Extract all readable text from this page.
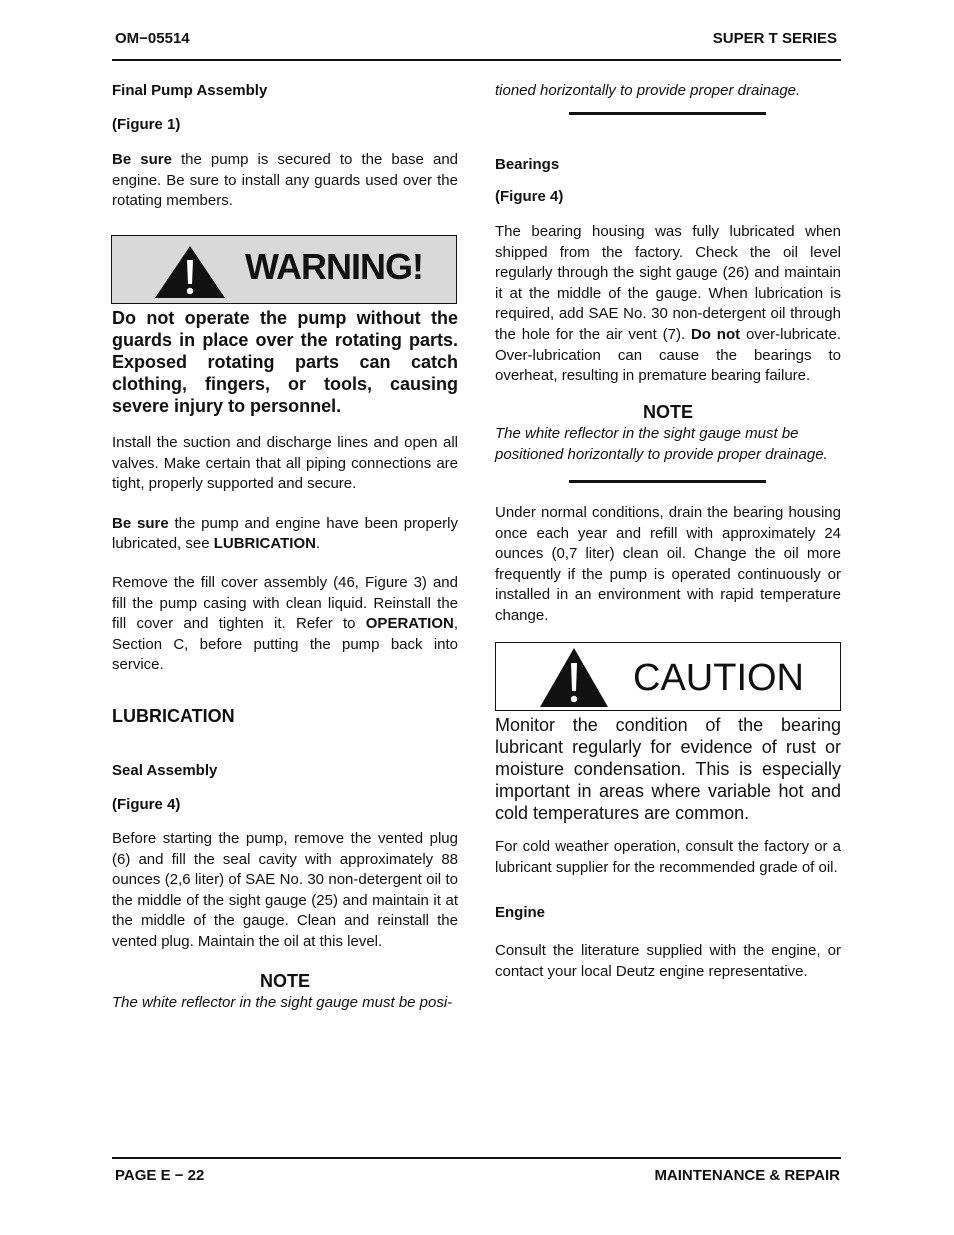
OM−05514	SUPER T SERIES

Final Pump Assembly

(Figure 1)

Be sure the pump is secured to the base and engine. Be sure to install any guards used over the rotating members.

WARNING!

Do not operate the pump without the guards in place over the rotating parts. Exposed rotating parts can catch clothing, fingers, or tools, causing severe injury to personnel.

Install the suction and discharge lines and open all valves. Make certain that all piping connections are tight, properly supported and secure.

Be sure the pump and engine have been properly lubricated, see LUBRICATION.

Remove the fill cover assembly (46, Figure 3) and fill the pump casing with clean liquid. Reinstall the fill cover and tighten it. Refer to OPERATION, Section C, before putting the pump back into service.

LUBRICATION

Seal Assembly

(Figure 4)

Before starting the pump, remove the vented plug (6) and fill the seal cavity with approximately 88 ounces (2,6 liter) of SAE No. 30 non-detergent oil to the middle of the sight gauge (25) and maintain it at the middle of the gauge. Clean and reinstall the vented plug. Maintain the oil at this level.

NOTE

The white reflector in the sight gauge must be posi-

tioned horizontally to provide proper drainage.

Bearings

(Figure 4)

The bearing housing was fully lubricated when shipped from the factory. Check the oil level regularly through the sight gauge (26) and maintain it at the middle of the gauge. When lubrication is required, add SAE No. 30 non-detergent oil through the hole for the air vent (7). Do not over-lubricate. Over-lubrication can cause the bearings to overheat, resulting in premature bearing failure.

NOTE

The white reflector in the sight gauge must be positioned horizontally to provide proper drainage.

Under normal conditions, drain the bearing housing once each year and refill with approximately 24 ounces (0,7 liter) clean oil. Change the oil more frequently if the pump is operated continuously or installed in an environment with rapid temperature change.

CAUTION

Monitor the condition of the bearing lubricant regularly for evidence of rust or moisture condensation. This is especially important in areas where variable hot and cold temperatures are common.

For cold weather operation, consult the factory or a lubricant supplier for the recommended grade of oil.

Engine

Consult the literature supplied with the engine, or contact your local Deutz engine representative.

PAGE E − 22	MAINTENANCE & REPAIR
